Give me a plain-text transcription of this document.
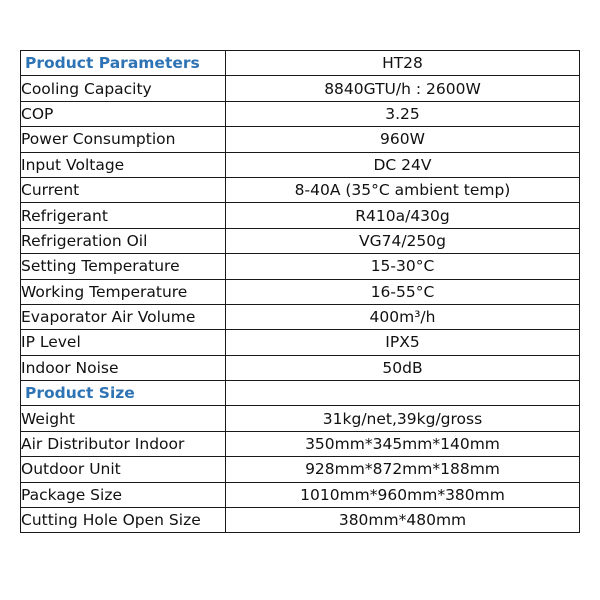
Product Parameters	HT28
Cooling Capacity	8840GTU/h : 2600W
COP	3.25
Power Consumption	960W
Input Voltage	DC 24V
Current	8-40A (35°C ambient temp)
Refrigerant	R410a/430g
Refrigeration Oil	VG74/250g
Setting Temperature	15-30°C
Working Temperature	16-55°C
Evaporator Air Volume	400m³/h
IP Level	IPX5
Indoor Noise	50dB
Product Size	
Weight	31kg/net,39kg/gross
Air Distributor Indoor	350mm*345mm*140mm
Outdoor Unit	928mm*872mm*188mm
Package Size	1010mm*960mm*380mm
Cutting Hole Open Size	380mm*480mm
